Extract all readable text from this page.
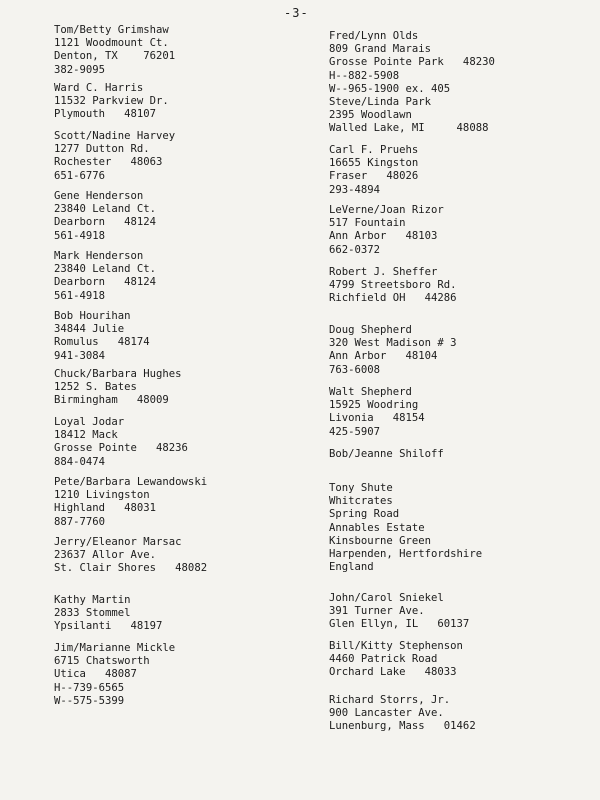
-3-
Tom/Betty Grimshaw
1121 Woodmount Ct.
Denton, TX    76201
382-9095
Ward C. Harris
11532 Parkview Dr.
Plymouth   48107
Scott/Nadine Harvey
1277 Dutton Rd.
Rochester   48063
651-6776
Gene Henderson
23840 Leland Ct.
Dearborn   48124
561-4918
Mark Henderson
23840 Leland Ct.
Dearborn   48124
561-4918
Bob Hourihan
34844 Julie
Romulus   48174
941-3084
Chuck/Barbara Hughes
1252 S. Bates
Birmingham   48009
Loyal Jodar
18412 Mack
Grosse Pointe   48236
884-0474
Pete/Barbara Lewandowski
1210 Livingston
Highland   48031
887-7760
Jerry/Eleanor Marsac
23637 Allor Ave.
St. Clair Shores   48082
Kathy Martin
2833 Stommel
Ypsilanti   48197
Jim/Marianne Mickle
6715 Chatsworth
Utica   48087
H--739-6565
W--575-5399
Fred/Lynn Olds
809 Grand Marais
Grosse Pointe Park   48230
H--882-5908
W--965-1900 ex. 405
Steve/Linda Park
2395 Woodlawn
Walled Lake, MI     48088
Carl F. Pruehs
16655 Kingston
Fraser   48026
293-4894
LeVerne/Joan Rizor
517 Fountain
Ann Arbor   48103
662-0372
Robert J. Sheffer
4799 Streetsboro Rd.
Richfield OH   44286
Doug Shepherd
320 West Madison # 3
Ann Arbor   48104
763-6008
Walt Shepherd
15925 Woodring
Livonia   48154
425-5907
Bob/Jeanne Shiloff
Tony Shute
Whitcrates
Spring Road
Annables Estate
Kinsbourne Green
Harpenden, Hertfordshire
England
John/Carol Sniekel
391 Turner Ave.
Glen Ellyn, IL   60137
Bill/Kitty Stephenson
4460 Patrick Road
Orchard Lake   48033
Richard Storrs, Jr.
900 Lancaster Ave.
Lunenburg, Mass   01462
